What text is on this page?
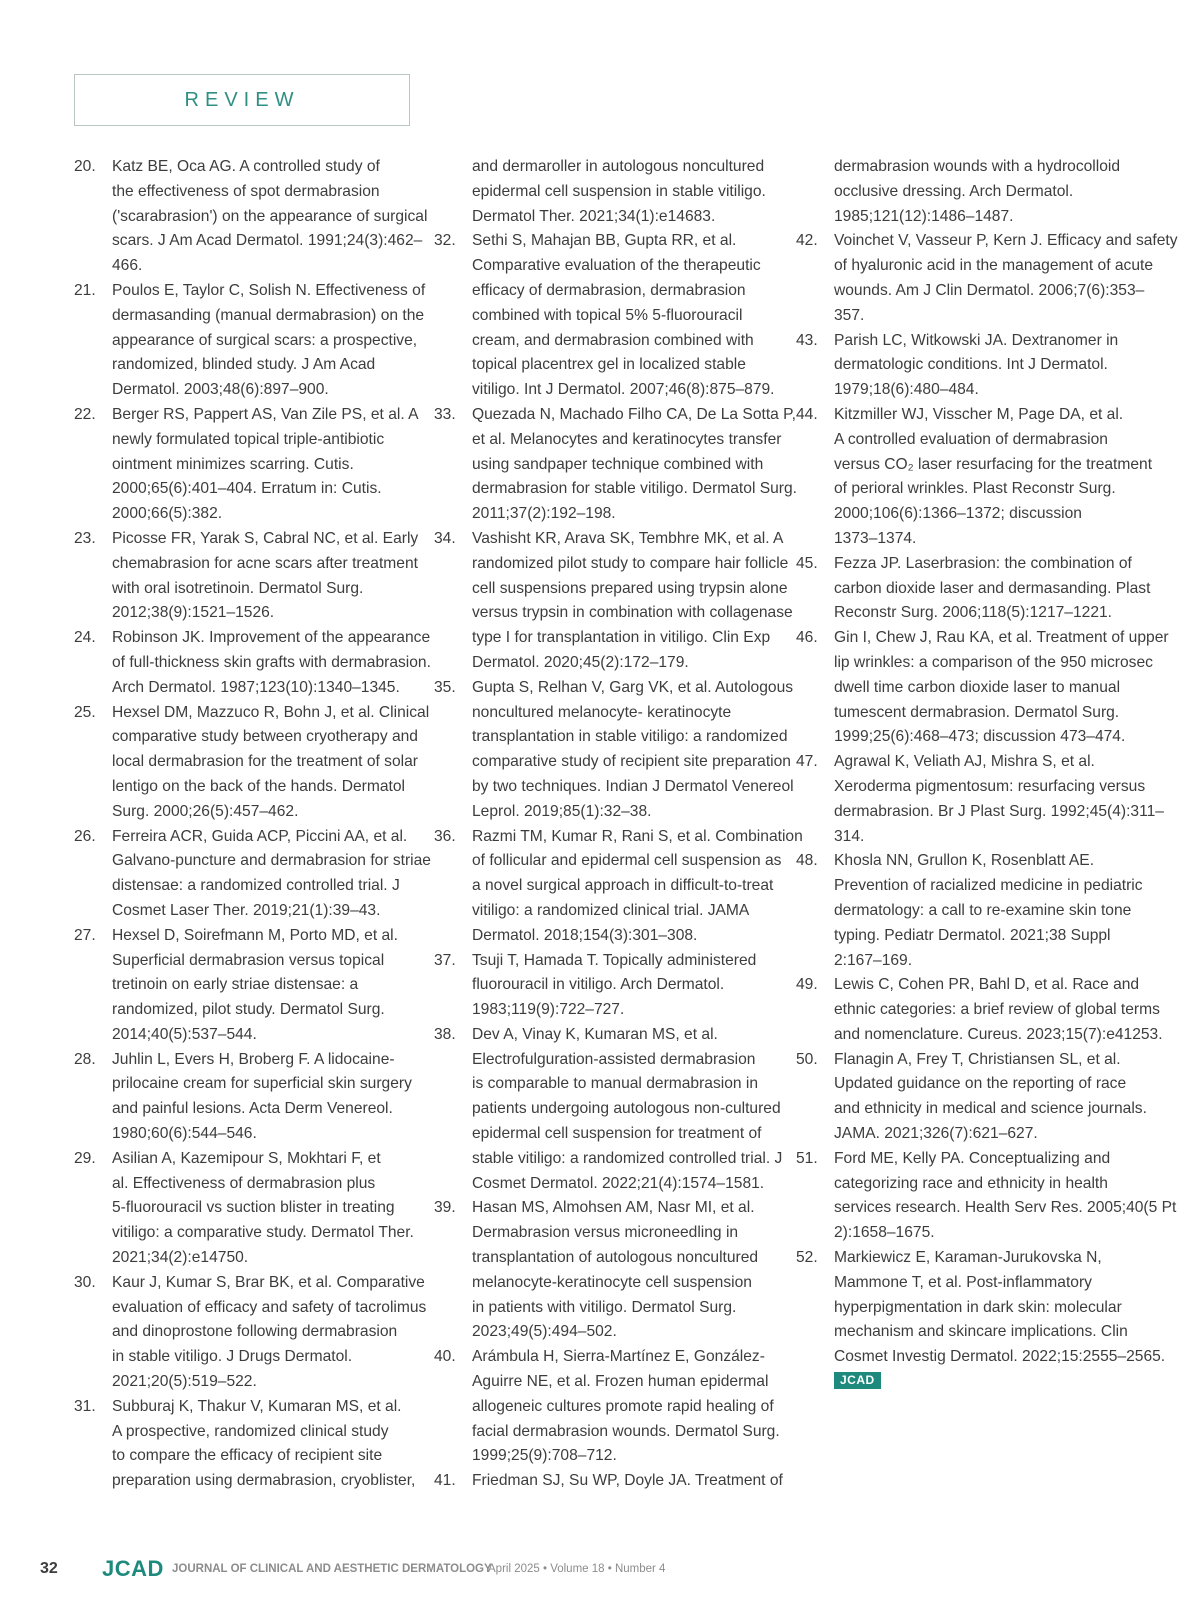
REVIEW
20. Katz BE, Oca AG. A controlled study of
the effectiveness of spot dermabrasion
('scarabrasion') on the appearance of surgical
scars. J Am Acad Dermatol. 1991;24(3):462–
466.
21. Poulos E, Taylor C, Solish N. Effectiveness of
dermasanding (manual dermabrasion) on the
appearance of surgical scars: a prospective,
randomized, blinded study. J Am Acad
Dermatol. 2003;48(6):897–900.
22. Berger RS, Pappert AS, Van Zile PS, et al. A
newly formulated topical triple-antibiotic
ointment minimizes scarring. Cutis.
2000;65(6):401–404. Erratum in: Cutis.
2000;66(5):382.
23. Picosse FR, Yarak S, Cabral NC, et al. Early
chemabrasion for acne scars after treatment
with oral isotretinoin. Dermatol Surg.
2012;38(9):1521–1526.
24. Robinson JK. Improvement of the appearance
of full-thickness skin grafts with dermabrasion.
Arch Dermatol. 1987;123(10):1340–1345.
25. Hexsel DM, Mazzuco R, Bohn J, et al. Clinical
comparative study between cryotherapy and
local dermabrasion for the treatment of solar
lentigo on the back of the hands. Dermatol
Surg. 2000;26(5):457–462.
26. Ferreira ACR, Guida ACP, Piccini AA, et al.
Galvano-puncture and dermabrasion for striae
distensae: a randomized controlled trial. J
Cosmet Laser Ther. 2019;21(1):39–43.
27. Hexsel D, Soirefmann M, Porto MD, et al.
Superficial dermabrasion versus topical
tretinoin on early striae distensae: a
randomized, pilot study. Dermatol Surg.
2014;40(5):537–544.
28. Juhlin L, Evers H, Broberg F. A lidocaine-
prilocaine cream for superficial skin surgery
and painful lesions. Acta Derm Venereol.
1980;60(6):544–546.
29. Asilian A, Kazemipour S, Mokhtari F, et
al. Effectiveness of dermabrasion plus
5-fluorouracil vs suction blister in treating
vitiligo: a comparative study. Dermatol Ther.
2021;34(2):e14750.
30. Kaur J, Kumar S, Brar BK, et al. Comparative
evaluation of efficacy and safety of tacrolimus
and dinoprostone following dermabrasion
in stable vitiligo. J Drugs Dermatol.
2021;20(5):519–522.
31. Subburaj K, Thakur V, Kumaran MS, et al.
A prospective, randomized clinical study
to compare the efficacy of recipient site
preparation using dermabrasion, cryoblister,
and dermaroller in autologous noncultured
epidermal cell suspension in stable vitiligo.
Dermatol Ther. 2021;34(1):e14683.
32. Sethi S, Mahajan BB, Gupta RR, et al.
Comparative evaluation of the therapeutic
efficacy of dermabrasion, dermabrasion
combined with topical 5% 5-fluorouracil
cream, and dermabrasion combined with
topical placentrex gel in localized stable
vitiligo. Int J Dermatol. 2007;46(8):875–879.
33. Quezada N, Machado Filho CA, De La Sotta P,
et al. Melanocytes and keratinocytes transfer
using sandpaper technique combined with
dermabrasion for stable vitiligo. Dermatol Surg.
2011;37(2):192–198.
34. Vashisht KR, Arava SK, Tembhre MK, et al. A
randomized pilot study to compare hair follicle
cell suspensions prepared using trypsin alone
versus trypsin in combination with collagenase
type I for transplantation in vitiligo. Clin Exp
Dermatol. 2020;45(2):172–179.
35. Gupta S, Relhan V, Garg VK, et al. Autologous
noncultured melanocyte- keratinocyte
transplantation in stable vitiligo: a randomized
comparative study of recipient site preparation
by two techniques. Indian J Dermatol Venereol
Leprol. 2019;85(1):32–38.
36. Razmi TM, Kumar R, Rani S, et al. Combination
of follicular and epidermal cell suspension as
a novel surgical approach in difficult-to-treat
vitiligo: a randomized clinical trial. JAMA
Dermatol. 2018;154(3):301–308.
37. Tsuji T, Hamada T. Topically administered
fluorouracil in vitiligo. Arch Dermatol.
1983;119(9):722–727.
38. Dev A, Vinay K, Kumaran MS, et al.
Electrofulguration-assisted dermabrasion
is comparable to manual dermabrasion in
patients undergoing autologous non-cultured
epidermal cell suspension for treatment of
stable vitiligo: a randomized controlled trial. J
Cosmet Dermatol. 2022;21(4):1574–1581.
39. Hasan MS, Almohsen AM, Nasr MI, et al.
Dermabrasion versus microneedling in
transplantation of autologous noncultured
melanocyte-keratinocyte cell suspension
in patients with vitiligo. Dermatol Surg.
2023;49(5):494–502.
40. Arámbula H, Sierra-Martínez E, González-
Aguirre NE, et al. Frozen human epidermal
allogeneic cultures promote rapid healing of
facial dermabrasion wounds. Dermatol Surg.
1999;25(9):708–712.
41. Friedman SJ, Su WP, Doyle JA. Treatment of
dermabrasion wounds with a hydrocolloid
occlusive dressing. Arch Dermatol.
1985;121(12):1486–1487.
42. Voinchet V, Vasseur P, Kern J. Efficacy and safety
of hyaluronic acid in the management of acute
wounds. Am J Clin Dermatol. 2006;7(6):353–
357.
43. Parish LC, Witkowski JA. Dextranomer in
dermatologic conditions. Int J Dermatol.
1979;18(6):480–484.
44. Kitzmiller WJ, Visscher M, Page DA, et al.
A controlled evaluation of dermabrasion
versus CO₂ laser resurfacing for the treatment
of perioral wrinkles. Plast Reconstr Surg.
2000;106(6):1366–1372; discussion
1373–1374.
45. Fezza JP. Laserbrasion: the combination of
carbon dioxide laser and dermasanding. Plast
Reconstr Surg. 2006;118(5):1217–1221.
46. Gin I, Chew J, Rau KA, et al. Treatment of upper
lip wrinkles: a comparison of the 950 microsec
dwell time carbon dioxide laser to manual
tumescent dermabrasion. Dermatol Surg.
1999;25(6):468–473; discussion 473–474.
47. Agrawal K, Veliath AJ, Mishra S, et al.
Xeroderma pigmentosum: resurfacing versus
dermabrasion. Br J Plast Surg. 1992;45(4):311–
314.
48. Khosla NN, Grullon K, Rosenblatt AE.
Prevention of racialized medicine in pediatric
dermatology: a call to re-examine skin tone
typing. Pediatr Dermatol. 2021;38 Suppl
2:167–169.
49. Lewis C, Cohen PR, Bahl D, et al. Race and
ethnic categories: a brief review of global terms
and nomenclature. Cureus. 2023;15(7):e41253.
50. Flanagin A, Frey T, Christiansen SL, et al.
Updated guidance on the reporting of race
and ethnicity in medical and science journals.
JAMA. 2021;326(7):621–627.
51. Ford ME, Kelly PA. Conceptualizing and
categorizing race and ethnicity in health
services research. Health Serv Res. 2005;40(5 Pt
2):1658–1675.
52. Markiewicz E, Karaman-Jurukovska N,
Mammone T, et al. Post-inflammatory
hyperpigmentation in dark skin: molecular
mechanism and skincare implications. Clin
Cosmet Investig Dermatol. 2022;15:2555–2565.
JCAD
32 JCAD JOURNAL OF CLINICAL AND AESTHETIC DERMATOLOGY
April 2025 • Volume 18 • Number 4
